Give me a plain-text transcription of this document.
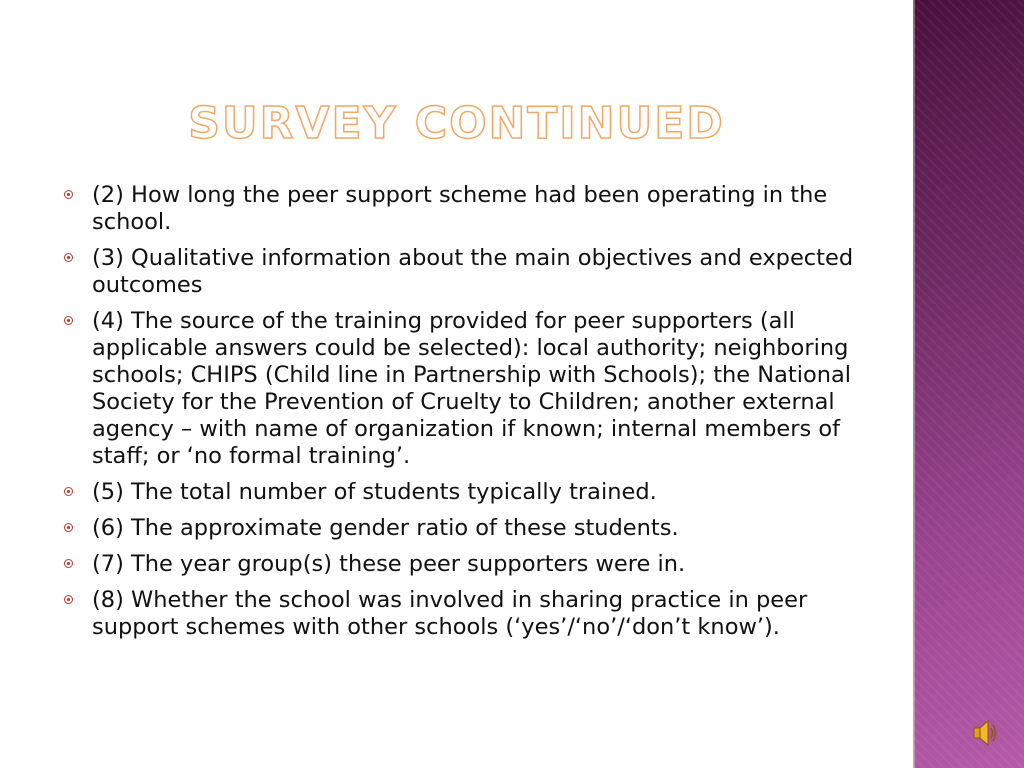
SURVEY CONTINUED
(2) How long the peer support scheme had been operating in the school.
(3) Qualitative information about the main objectives and expected outcomes
(4) The source of the training provided for peer supporters (all applicable answers could be selected): local authority; neighboring schools; CHIPS (Child line in Partnership with Schools); the National Society for the Prevention of Cruelty to Children; another external agency – with name of organization if known; internal members of staff; or ‘no formal training’.
(5) The total number of students typically trained.
(6) The approximate gender ratio of these students.
(7) The year group(s) these peer supporters were in.
(8) Whether the school was involved in sharing practice in peer support schemes with other schools (‘yes’/‘no’/‘don’t know’).
